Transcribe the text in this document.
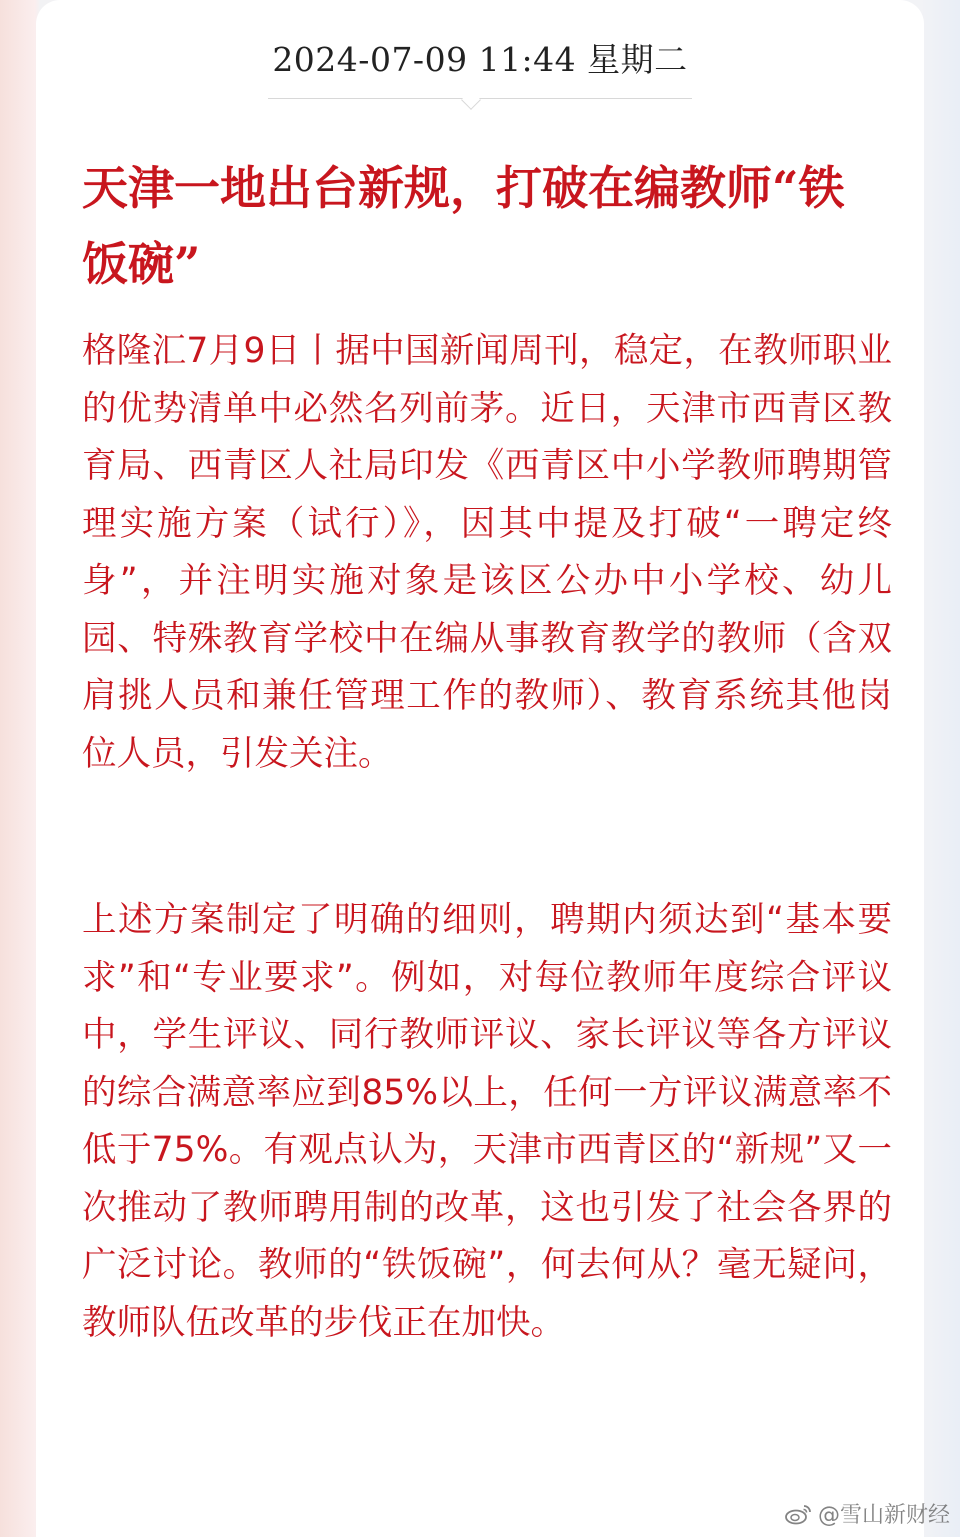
2024-07-09 11:44 星期二
天津一地出台新规，打破在编教师“铁饭碗”

格隆汇7月9日丨据中国新闻周刊，稳定，在教师职业的优势清单中必然名列前茅。近日，天津市西青区教育局、西青区人社局印发《西青区中小学教师聘期管理实施方案（试行）》，因其中提及打破“一聘定终身”，并注明实施对象是该区公办中小学校、幼儿园、特殊教育学校中在编从事教育教学的教师（含双肩挑人员和兼任管理工作的教师）、教育系统其他岗位人员，引发关注。

上述方案制定了明确的细则，聘期内须达到“基本要求”和“专业要求”。例如，对每位教师年度综合评议中，学生评议、同行教师评议、家长评议等各方评议的综合满意率应到85%以上，任何一方评议满意率不低于75%。有观点认为，天津市西青区的“新规”又一次推动了教师聘用制的改革，这也引发了社会各界的广泛讨论。教师的“铁饭碗”，何去何从？毫无疑问，教师队伍改革的步伐正在加快。

@雪山新财经
